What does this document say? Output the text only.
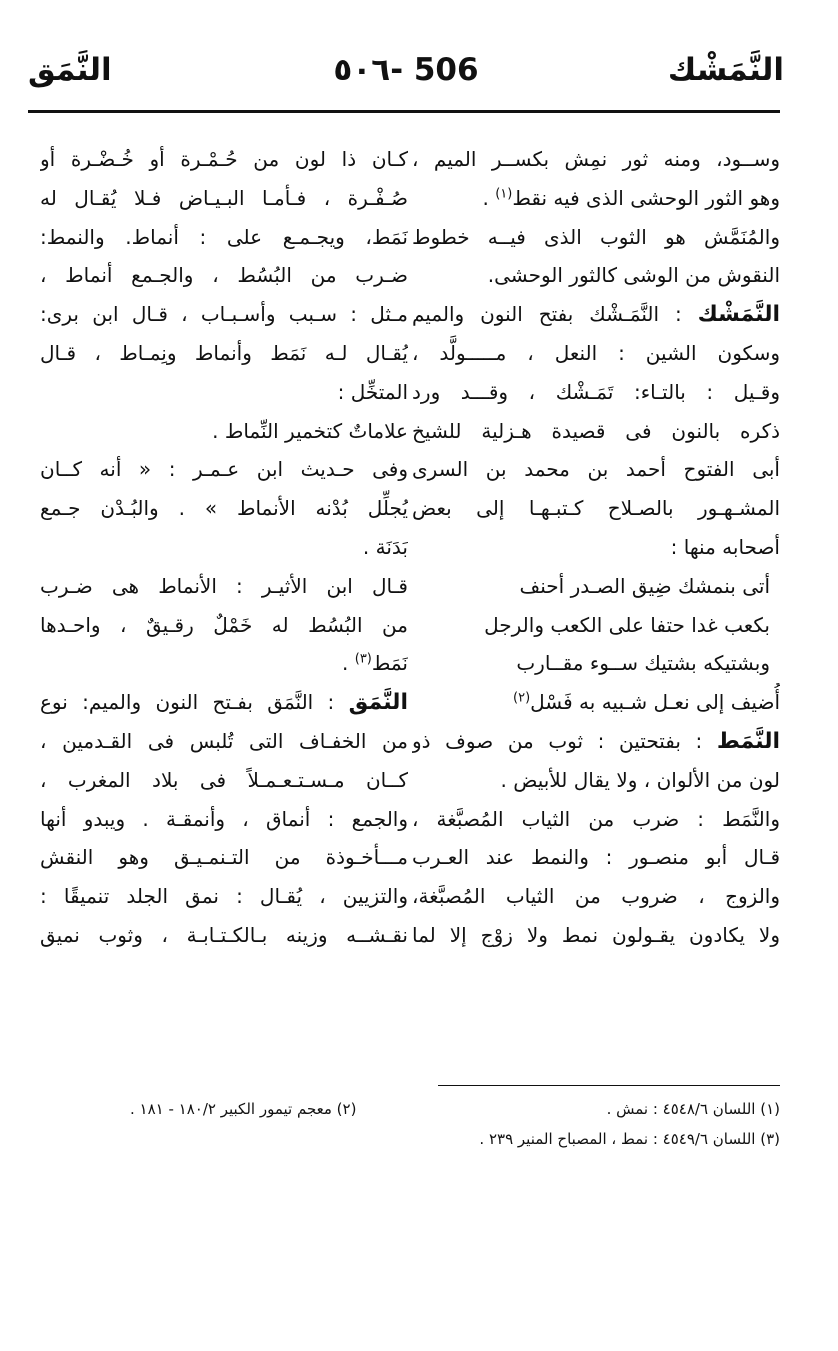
النَّمَشْك
506 -٥٠٦
النَّمَق
وســود، ومنه ثور نمِش بكســر الميم ،
وهو الثور الوحشى الذى فيه نقط$^{(١)}$ .
والمُنَمَّش هو الثوب الذى فيــه خطوط
النقوش من الوشى كالثور الوحشى.
النَّمَشْك : النَّمَـشْك بفتح النون والميم
وسكون الشين : النعل ، مـــــولَّد ،
وقـيل : بالتـاء: تَمَـشْك ، وقـــد ورد
ذكره بالنون فى قصيدة هـزلية للشيخ
أبى الفتوح أحمد بن محمد بن السرى
المشـهـور بالصـلاح كـتبـهـا إلى بعض
أصحابه منها :
أتى بنمشك ضِيق الصـدر أحنف
بكعب غدا حتفا على الكعب والرجل
وبشتيكه بشتيك ســوء مقــارب
أُضيف إلى نعـل شـبيه به فَسْل$^{(٢)}$
النَّمَط : بفتحتين : ثوب من صوف ذو
لون من الألوان ، ولا يقال للأبيض .
والنَّمَط : ضرب من الثياب المُصبَّغة ،
قـال أبو منصـور : والنمط عند العـرب
والزوج ، ضروب من الثياب المُصبَّغة،
ولا يكادون يقـولون نمط ولا زوْج إلا لما
كـان ذا لون من حُـمْـرة أو خُـضْـرة أو
صُـفْـرة ، فـأمـا البـيـاض فـلا يُقـال له
نَمَط، ويجـمـع على : أنماط. والنمط:
ضـرب من البُسُط ، والجـمع أنماط ،
مـثل : سـبب وأسـبـاب ، قـال ابن برى:
يُقـال لـه نَمَط وأنماط ونِمـاط ، قـال
المتخِّل :
علاماتٌ كتخمير النِّماط .
وفى حـديث ابن عـمـر : « أنه كــان
يُجلِّل بُدْنه الأنماط » . والبُـدْن جـمع
بَدَنَة .
قـال ابن الأثيـر : الأنماط هى ضـرب
من البُسُط له خَمْلٌ رقـيقٌ ، واحـدها
نَمَط$^{(٣)}$ .
النَّمَق : النَّمَق بفـتح النون والميم: نوع
من الخفـاف التى تُلبس فى القـدمين ،
كــان مـسـتـعـمـلاً فى بلاد المغرب ،
والجمع : أنماق ، وأنمقـة . ويبدو أنها
مـــأخـوذة من التـنمـيـق وهو النقش
والتزيين ، يُقـال : نمق الجلد تنميقًا :
نقـشــه وزينه بـالكـتـابـة ، وثوب نميق
(١) اللسان ٤٥٤٨/٦ : نمش .
(٢) معجم تيمور الكبير ١٨٠/٢ - ١٨١ .
(٣) اللسان ٤٥٤٩/٦ : نمط ، المصباح المنير ٢٣٩ .
